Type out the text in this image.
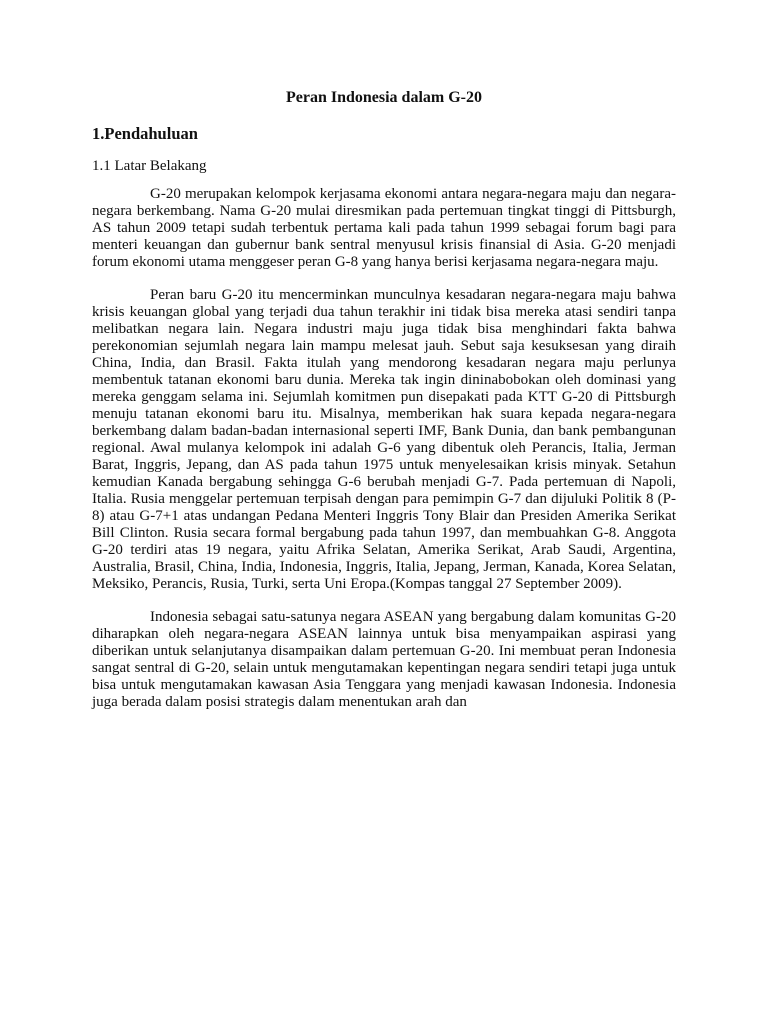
Peran Indonesia dalam G-20
1.Pendahuluan
1.1 Latar Belakang

G-20 merupakan kelompok kerjasama ekonomi antara negara-negara maju dan negara-negara berkembang. Nama G-20 mulai diresmikan pada pertemuan tingkat tinggi di Pittsburgh, AS tahun 2009 tetapi sudah terbentuk pertama kali pada tahun 1999 sebagai forum bagi para menteri keuangan dan gubernur bank sentral menyusul krisis finansial di Asia. G-20 menjadi forum ekonomi utama menggeser peran G-8 yang hanya berisi kerjasama negara-negara maju.

Peran baru G-20 itu mencerminkan munculnya kesadaran negara-negara maju bahwa krisis keuangan global yang terjadi dua tahun terakhir ini tidak bisa mereka atasi sendiri tanpa melibatkan negara lain. Negara industri maju juga tidak bisa menghindari fakta bahwa perekonomian sejumlah negara lain mampu melesat jauh. Sebut saja kesuksesan yang diraih China, India, dan Brasil. Fakta itulah yang mendorong kesadaran negara maju perlunya membentuk tatanan ekonomi baru dunia. Mereka tak ingin dininabobokan oleh dominasi yang mereka genggam selama ini. Sejumlah komitmen pun disepakati pada KTT G-20 di Pittsburgh menuju tatanan ekonomi baru itu. Misalnya, memberikan hak suara kepada negara-negara berkembang dalam badan-badan internasional seperti IMF, Bank Dunia, dan bank pembangunan regional. Awal mulanya kelompok ini adalah G-6 yang dibentuk oleh Perancis, Italia, Jerman Barat, Inggris, Jepang, dan AS pada tahun 1975 untuk menyelesaikan krisis minyak. Setahun kemudian Kanada bergabung sehingga G-6 berubah menjadi G-7. Pada pertemuan di Napoli, Italia. Rusia menggelar pertemuan terpisah dengan para pemimpin G-7 dan dijuluki Politik 8 (P-8) atau G-7+1 atas undangan Pedana Menteri Inggris Tony Blair dan Presiden Amerika Serikat Bill Clinton. Rusia secara formal bergabung pada tahun 1997, dan membuahkan G-8. Anggota G-20 terdiri atas 19 negara, yaitu Afrika Selatan, Amerika Serikat, Arab Saudi, Argentina, Australia, Brasil, China, India, Indonesia, Inggris, Italia, Jepang, Jerman, Kanada, Korea Selatan, Meksiko, Perancis, Rusia, Turki, serta Uni Eropa.(Kompas tanggal 27 September 2009).

Indonesia sebagai satu-satunya negara ASEAN yang bergabung dalam komunitas G-20 diharapkan oleh negara-negara ASEAN lainnya untuk bisa menyampaikan aspirasi yang diberikan untuk selanjutanya disampaikan dalam pertemuan G-20. Ini membuat peran Indonesia sangat sentral di G-20, selain untuk mengutamakan kepentingan negara sendiri tetapi juga untuk bisa untuk mengutamakan kawasan Asia Tenggara yang menjadi kawasan Indonesia. Indonesia juga berada dalam posisi strategis dalam menentukan arah dan
